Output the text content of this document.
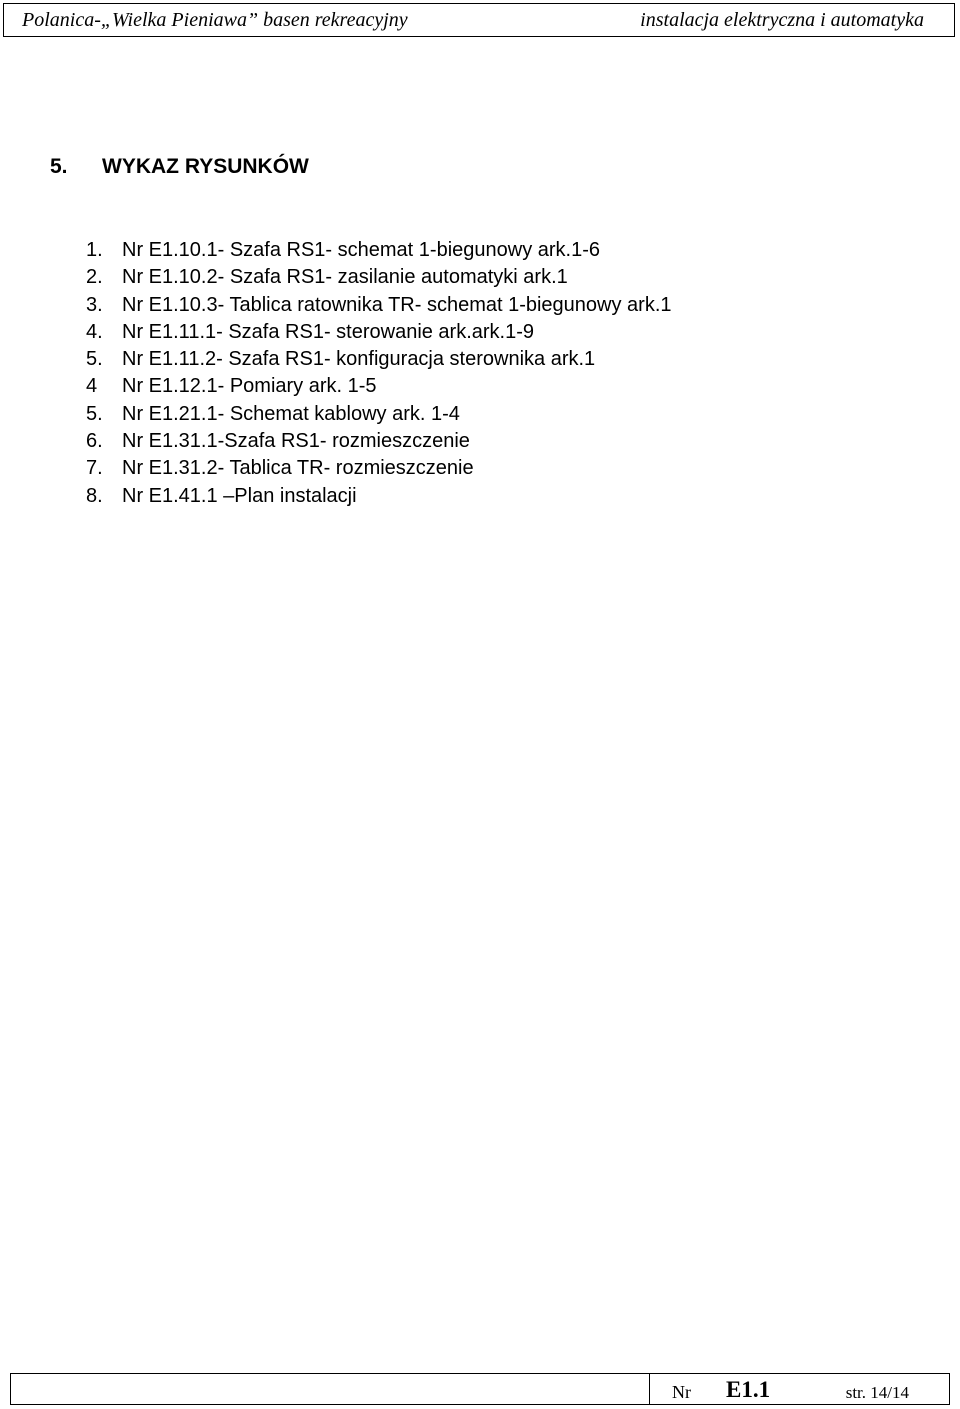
Polanica-„Wielka Pieniawa” basen rekreacyjny	instalacja elektryczna i automatyka
5. WYKAZ RYSUNKÓW
1. Nr E1.10.1- Szafa RS1- schemat 1-biegunowy ark.1-6
2. Nr E1.10.2- Szafa RS1- zasilanie automatyki ark.1
3. Nr E1.10.3- Tablica ratownika TR- schemat 1-biegunowy ark.1
4. Nr E1.11.1- Szafa RS1- sterowanie ark.ark.1-9
5. Nr E1.11.2- Szafa RS1- konfiguracja sterownika ark.1
4 Nr E1.12.1- Pomiary ark. 1-5
5. Nr E1.21.1- Schemat kablowy ark. 1-4
6. Nr E1.31.1-Szafa RS1- rozmieszczenie
7. Nr E1.31.2- Tablica TR- rozmieszczenie
8. Nr E1.41.1 –Plan instalacji
Nr E1.1	str. 14/14
